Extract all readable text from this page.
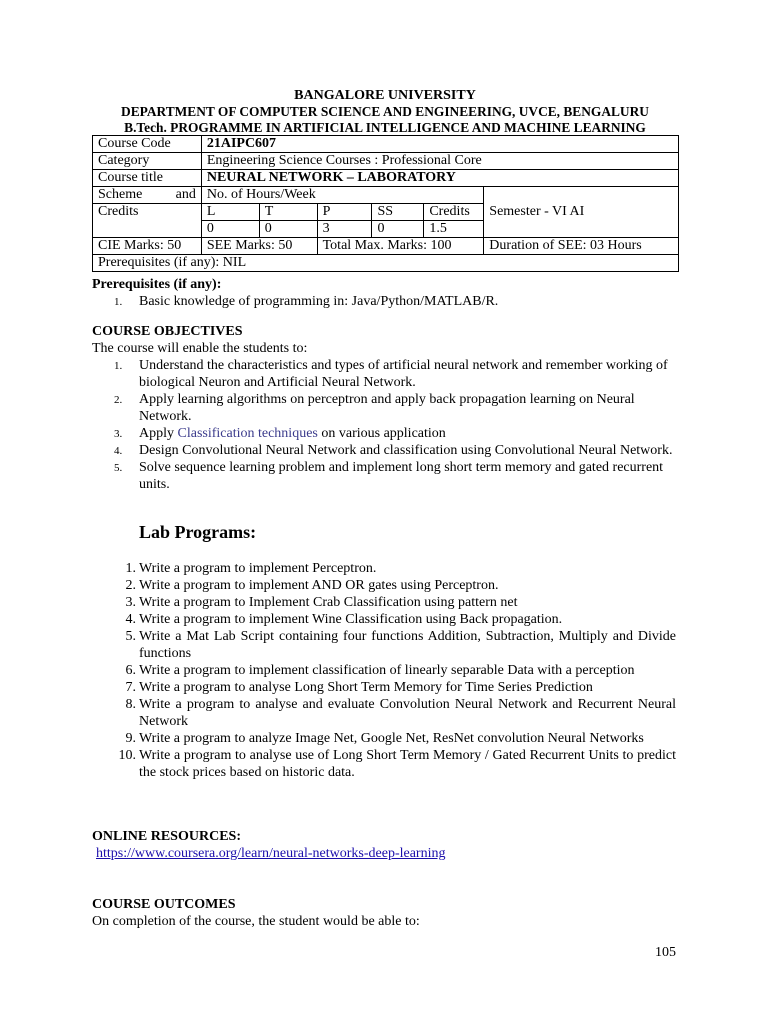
BANGALORE UNIVERSITY
DEPARTMENT OF COMPUTER SCIENCE AND ENGINEERING, UVCE, BENGALURU
B.Tech. PROGRAMME IN ARTIFICIAL INTELLIGENCE AND MACHINE LEARNING
Course Code	21AIPC607					
Category	Engineering Science Courses : Professional Core					
Course title	NEURAL NETWORK – LABORATORY					

Scheme and	No. of Hours/Week					Semester - VI AI
Credits	L	T	P	SS	Credits	
	0	0	3	0	1.5	
CIE Marks: 50	SEE Marks: 50		Total Max. Marks: 100			Duration of SEE: 03 Hours
Prerequisites (if any): NIL						
Prerequisites (if any):
1. Basic knowledge of programming in: Java/Python/MATLAB/R.
COURSE OBJECTIVES
The course will enable the students to:
1. Understand the characteristics and types of artificial neural network and remember working of biological Neuron and Artificial Neural Network.
2. Apply learning algorithms on perceptron and apply back propagation learning on Neural Network.
3. Apply Classification techniques on various application
4. Design Convolutional Neural Network and classification using Convolutional Neural Network.
5. Solve sequence learning problem and implement long short term memory and gated recurrent units.
Lab Programs:
1. Write a program to implement Perceptron.
2. Write a program to implement AND OR gates using Perceptron.
3. Write a program to Implement Crab Classification using pattern net
4. Write a program to implement Wine Classification using Back propagation.
5. Write a Mat Lab Script containing four functions Addition, Subtraction, Multiply and Divide functions
6. Write a program to implement classification of linearly separable Data with a perception
7. Write a program to analyse Long Short Term Memory for Time Series Prediction
8. Write a program to analyse and evaluate Convolution Neural Network and Recurrent Neural Network
9. Write a program to analyze Image Net, Google Net, ResNet convolution Neural Networks
10. Write a program to analyse use of Long Short Term Memory / Gated Recurrent Units to predict the stock prices based on historic data.
ONLINE RESOURCES:
https://www.coursera.org/learn/neural-networks-deep-learning
COURSE OUTCOMES
On completion of the course, the student would be able to:
105
